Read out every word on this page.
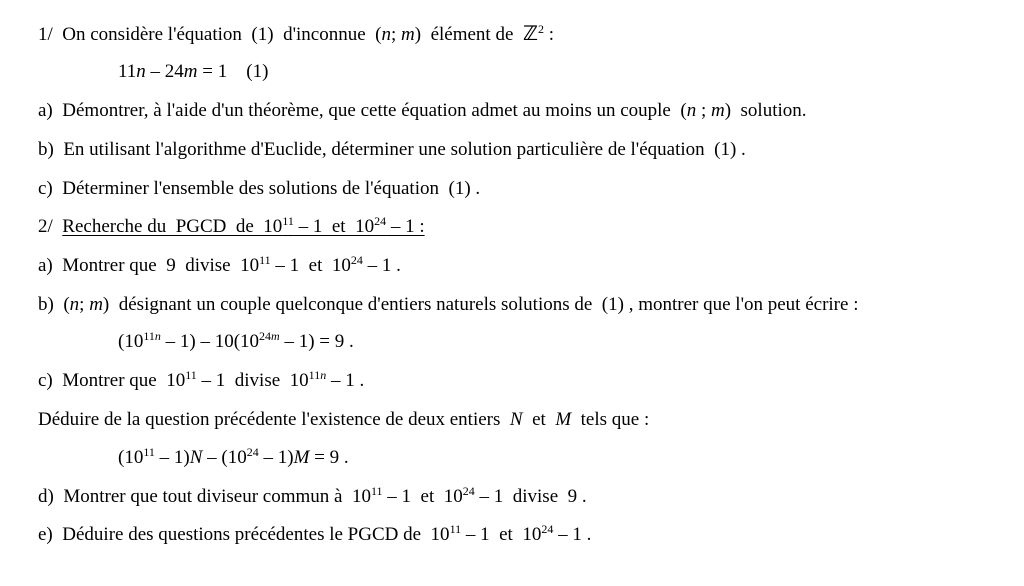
1/  On considère l'équation  (1)  d'inconnue  (n; m)  élément de  ℤ$^2$ :
11n – 24m = 1    (1)
a)  Démontrer, à l'aide d'un théorème, que cette équation admet au moins un couple  (n ; m)  solution.
b)  En utilisant l'algorithme d'Euclide, déterminer une solution particulière de l'équation  (1) .
c)  Déterminer l'ensemble des solutions de l'équation  (1) .
2/  Recherche du  PGCD  de  $10^{11} - 1$  et  $10^{24} - 1$ :
a)  Montrer que  9  divise  $10^{11} - 1$  et  $10^{24} - 1$ .
b)  (n; m)  désignant un couple quelconque d'entiers naturels solutions de  (1) , montrer que l'on peut écrire :
$(10^{11n} - 1) - 10(10^{24m} - 1) = 9$ .
c)  Montrer que  $10^{11} - 1$  divise  $10^{11n} - 1$ .
Déduire de la question précédente l'existence de deux entiers  N  et  M  tels que :
$(10^{11} - 1)N - (10^{24} - 1)M = 9$ .
d)  Montrer que tout diviseur commun à  $10^{11} - 1$  et  $10^{24} - 1$  divise  9 .
e)  Déduire des questions précédentes le PGCD de  $10^{11} - 1$  et  $10^{24} - 1$ .
